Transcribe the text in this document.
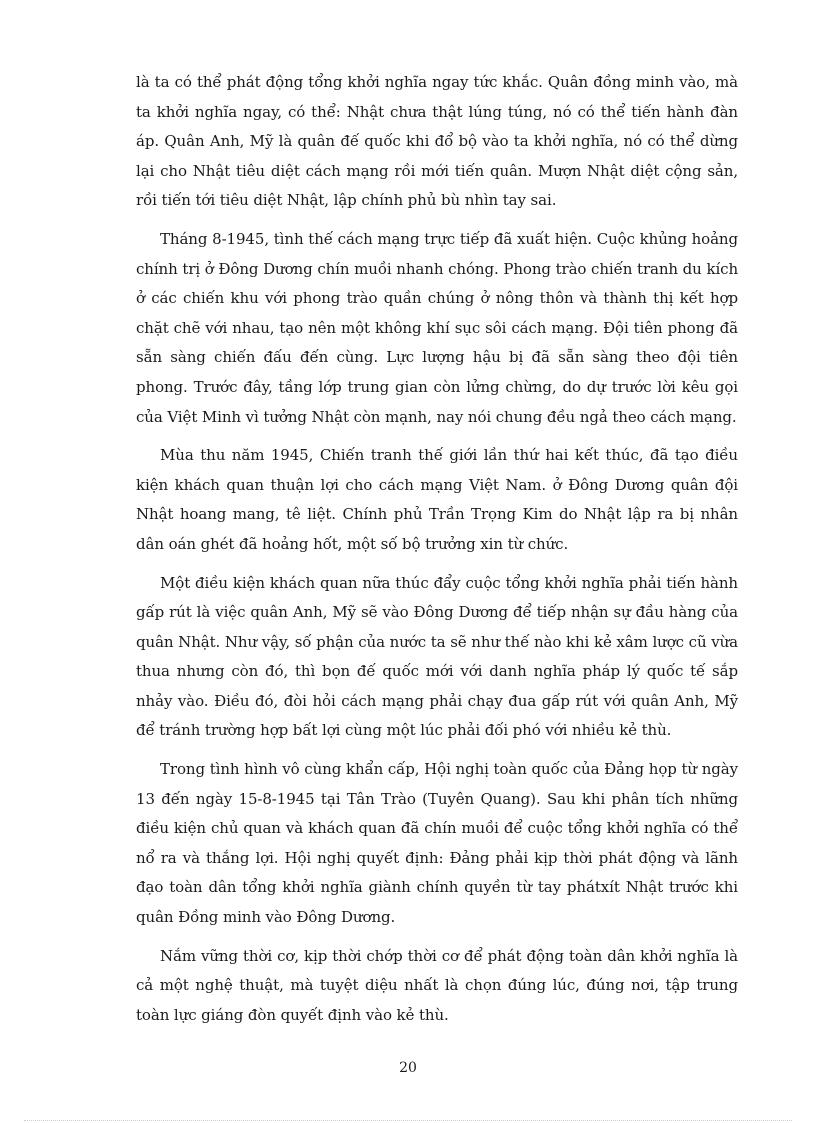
là ta có thể phát động tổng khởi nghĩa ngay tức khắc. Quân đồng minh vào, mà ta khởi nghĩa ngay, có thể: Nhật chưa thật lúng túng, nó có thể tiến hành đàn áp. Quân Anh, Mỹ là quân đế quốc khi đổ bộ vào ta khởi nghĩa, nó có thể dừng lại cho Nhật tiêu diệt cách mạng rồi mới tiến quân. Mượn Nhật diệt cộng sản, rồi tiến tới tiêu diệt Nhật, lập chính phủ bù nhìn tay sai.

Tháng 8-1945, tình thế cách mạng trực tiếp đã xuất hiện. Cuộc khủng hoảng chính trị ở Đông Dương chín muồi nhanh chóng. Phong trào chiến tranh du kích ở các chiến khu với phong trào quần chúng ở nông thôn và thành thị kết hợp chặt chẽ với nhau, tạo nên một không khí sục sôi cách mạng. Đội tiên phong đã sẵn sàng chiến đấu đến cùng. Lực lượng hậu bị đã sẵn sàng theo đội tiên phong. Trước đây, tầng lớp trung gian còn lửng chừng, do dự trước lời kêu gọi của Việt Minh vì tưởng Nhật còn mạnh, nay nói chung đều ngả theo cách mạng.

Mùa thu năm 1945, Chiến tranh thế giới lần thứ hai kết thúc, đã tạo điều kiện khách quan thuận lợi cho cách mạng Việt Nam. ở Đông Dương quân đội Nhật hoang mang, tê liệt. Chính phủ Trần Trọng Kim do Nhật lập ra bị nhân dân oán ghét đã hoảng hốt, một số bộ trưởng xin từ chức.

Một điều kiện khách quan nữa thúc đẩy cuộc tổng khởi nghĩa phải tiến hành gấp rút là việc quân Anh, Mỹ sẽ vào Đông Dương để tiếp nhận sự đầu hàng của quân Nhật. Như vậy, số phận của nước ta sẽ như thế nào khi kẻ xâm lược cũ vừa thua nhưng còn đó, thì bọn đế quốc mới với danh nghĩa pháp lý quốc tế sắp nhảy vào. Điều đó, đòi hỏi cách mạng phải chạy đua gấp rút với quân Anh, Mỹ để tránh trường hợp bất lợi cùng một lúc phải đối phó với nhiều kẻ thù.

Trong tình hình vô cùng khẩn cấp, Hội nghị toàn quốc của Đảng họp từ ngày 13 đến ngày 15-8-1945 tại Tân Trào (Tuyên Quang). Sau khi phân tích những điều kiện chủ quan và khách quan đã chín muồi để cuộc tổng khởi nghĩa có thể nổ ra và thắng lợi. Hội nghị quyết định: Đảng phải kịp thời phát động và lãnh đạo toàn dân tổng khởi nghĩa giành chính quyền từ tay phátxít Nhật trước khi quân Đồng minh vào Đông Dương.

Nắm vững thời cơ, kịp thời chớp thời cơ để phát động toàn dân khởi nghĩa là cả một nghệ thuật, mà tuyệt diệu nhất là chọn đúng lúc, đúng nơi, tập trung toàn lực giáng đòn quyết định vào kẻ thù.

20
